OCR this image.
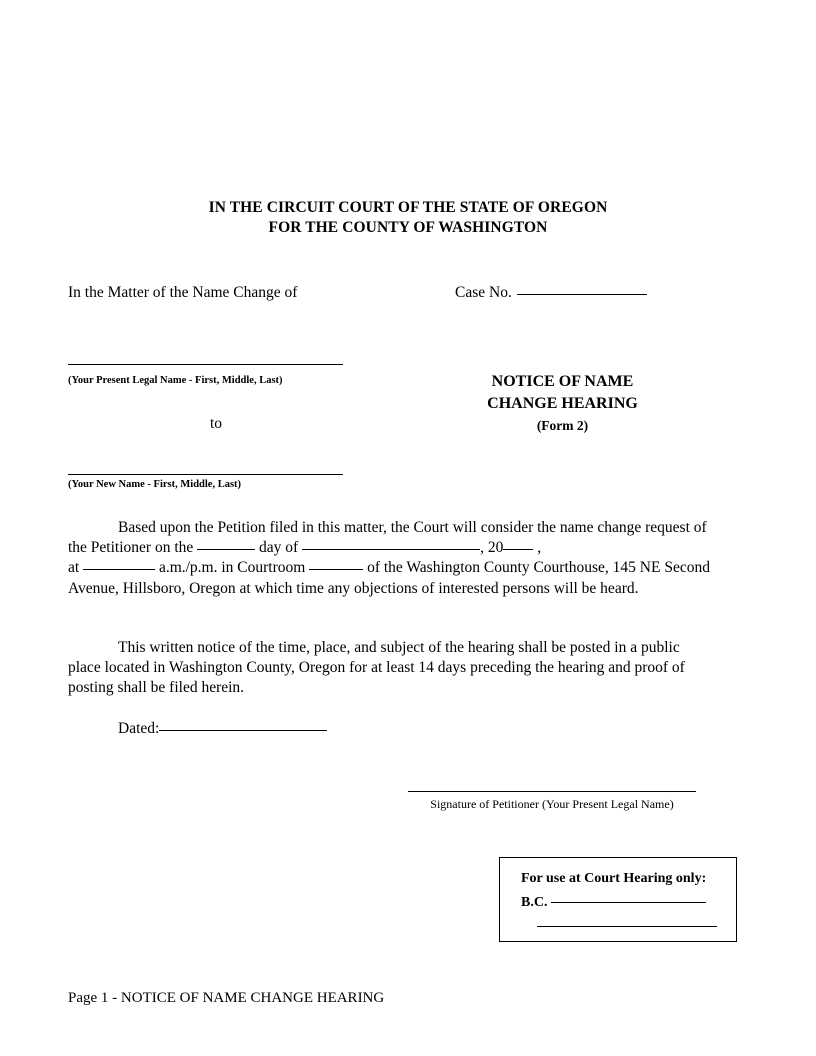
IN THE CIRCUIT COURT OF THE STATE OF OREGON
FOR THE COUNTY OF WASHINGTON
In the Matter of the Name Change of	Case No.
(Your Present Legal Name - First, Middle, Last)
to
(Your New Name - First, Middle, Last)
NOTICE OF NAME
CHANGE HEARING
(Form 2)

Based upon the Petition filed in this matter, the Court will consider the name change request of the Petitioner on the	day of	, 20 ,
at	a.m./p.m. in Courtroom	of the Washington County Courthouse, 145 NE Second Avenue, Hillsboro, Oregon at which time any objections of interested persons will be heard.

This written notice of the time, place, and subject of the hearing shall be posted in a public place located in Washington County, Oregon for at least 14 days preceding the hearing and proof of posting shall be filed herein.

Dated:
Signature of Petitioner (Your Present Legal Name)
For use at Court Hearing only:
B.C.
Page 1 - NOTICE OF NAME CHANGE HEARING
